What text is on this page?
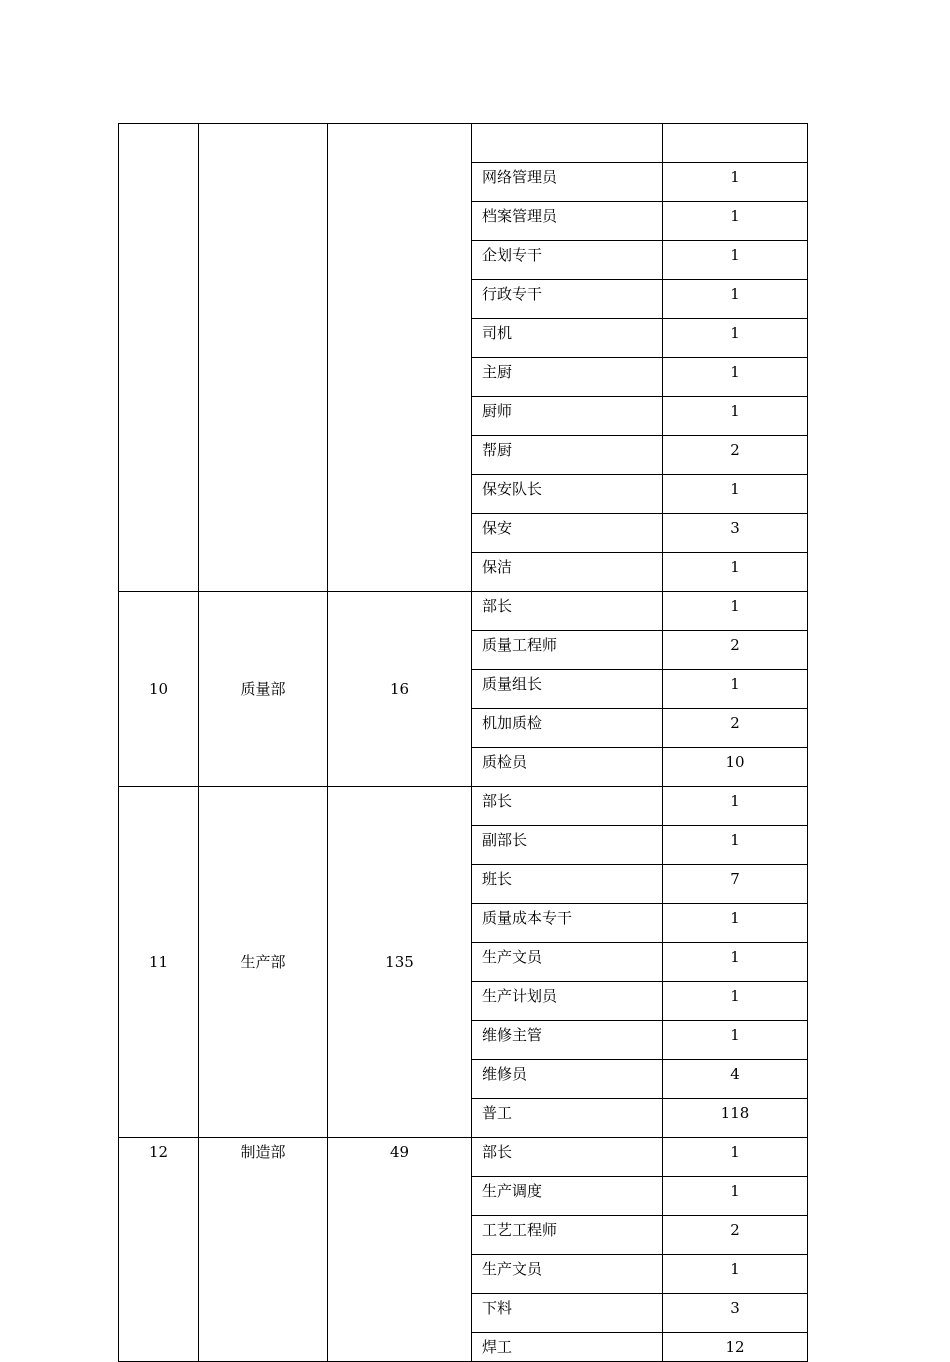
			网络管理员	1
			档案管理员	1
			企划专干	1
			行政专干	1
			司机	1
			主厨	1
			厨师	1
			帮厨	2
			保安队长	1
			保安	3
			保洁	1
10	质量部	16	部长	1
			质量工程师	2
			质量组长	1
			机加质检	2
			质检员	10
11	生产部	135	部长	1
			副部长	1
			班长	7
			质量成本专干	1
			生产文员	1
			生产计划员	1
			维修主管	1
			维修员	4
			普工	118
12	制造部	49	部长	1
			生产调度	1
			工艺工程师	2
			生产文员	1
			下料	3
			焊工	12
